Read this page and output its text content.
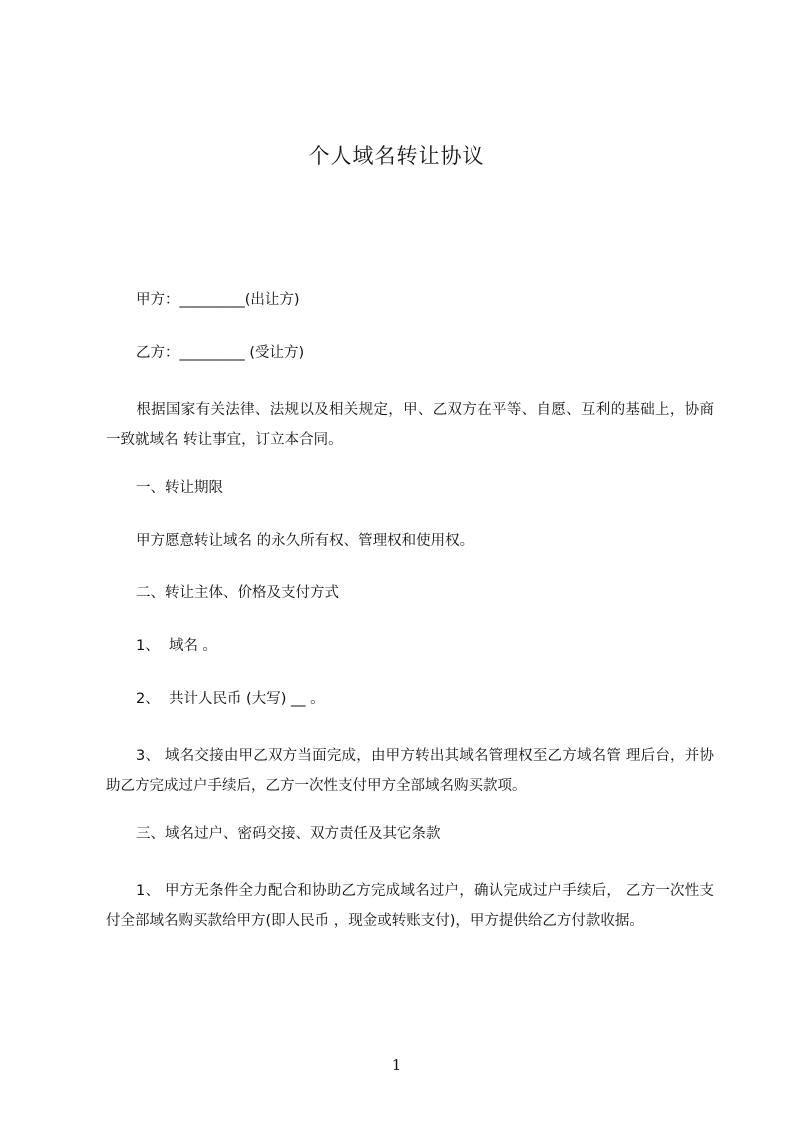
个人域名转让协议
甲方：_________(出让方)
乙方：_________ (受让方)
根据国家有关法律、法规以及相关规定，甲、乙双方在平等、自愿、互利的基础上，协商一致就域名 转让事宜，订立本合同。
一、转让期限
甲方愿意转让域名 的永久所有权、管理权和使用权。
二、转让主体、价格及支付方式
1、  域名 。
2、  共计人民币 (大写) __ 。
3、 域名交接由甲乙双方当面完成，由甲方转出其域名管理权至乙方域名管 理后台，并协助乙方完成过户手续后，乙方一次性支付甲方全部域名购买款项。
三、域名过户、密码交接、双方责任及其它条款
1、 甲方无条件全力配合和协助乙方完成域名过户，确认完成过户手续后， 乙方一次性支付全部域名购买款给甲方(即人民币 ，现金或转账支付)，甲方提供给乙方付款收据。
1
